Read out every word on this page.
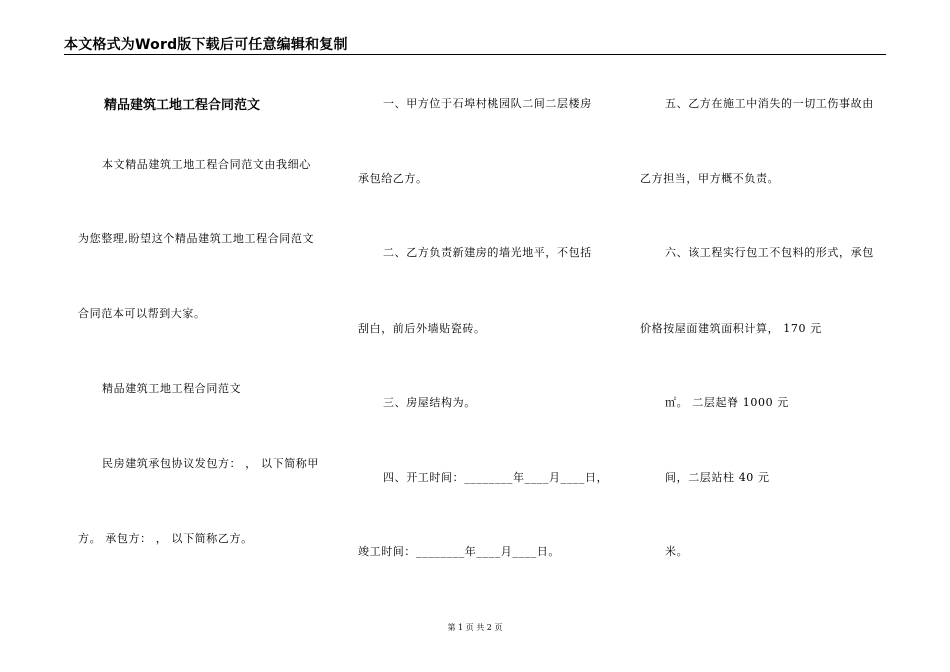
本文格式为Word版下载后可任意编辑和复制
精品建筑工地工程合同范文
本文精品建筑工地工程合同范文由我细心
为您整理,盼望这个精品建筑工地工程合同范文
合同范本可以帮到大家。
精品建筑工地工程合同范文
民房建筑承包协议发包方： ， 以下简称甲
方。 承包方： ， 以下简称乙方。
一、甲方位于石埠村桃园队二间二层楼房
承包给乙方。
二、乙方负责新建房的墙光地平，不包括
刮白，前后外墙贴瓷砖。
三、房屋结构为。
四、开工时间：________年____月____日，
竣工时间：________年____月____日。
五、乙方在施工中消失的一切工伤事故由
乙方担当，甲方概不负责。
六、该工程实行包工不包料的形式，承包
价格按屋面建筑面积计算， 170 元
㎡。 二层起脊 1000 元
间，二层站柱 40 元
米。
第 1 页 共 2 页
